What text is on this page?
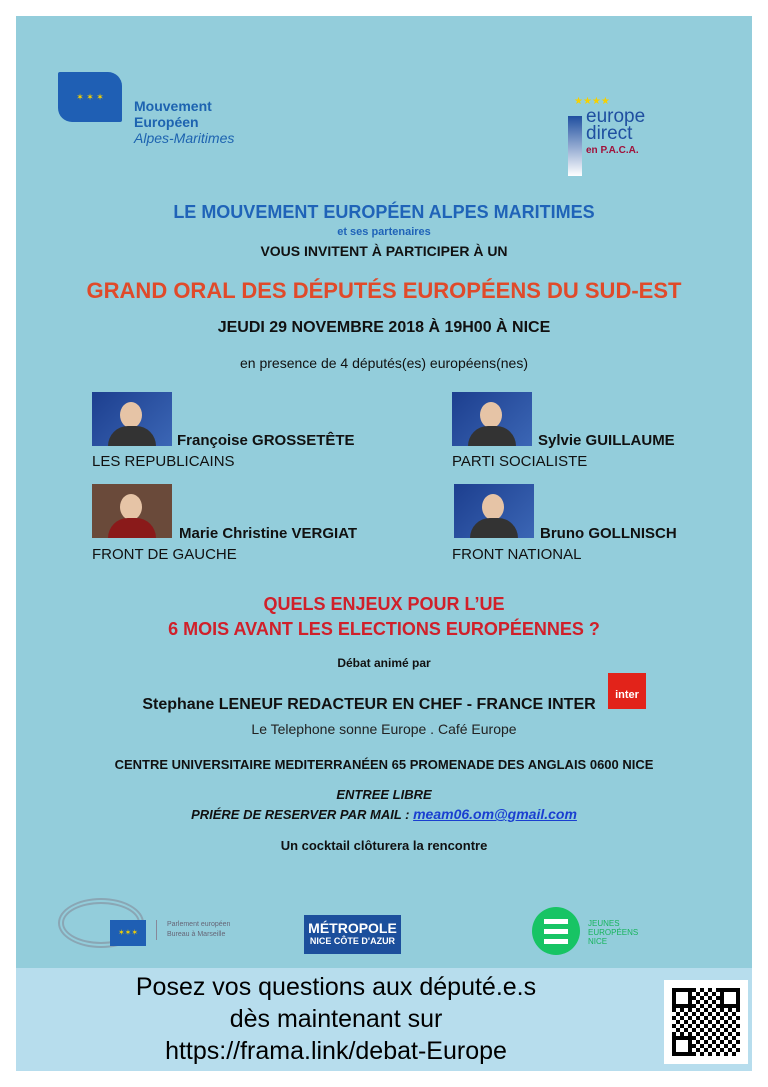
✶ ✶ ✶
Mouvement
Européen
Alpes-Maritimes
★★★★
europe
direct
en P.A.C.A.
LE MOUVEMENT EUROPÉEN ALPES MARITIMES
et ses partenaires
VOUS INVITENT À PARTICIPER À UN
GRAND ORAL DES DÉPUTÉS EUROPÉENS DU SUD-EST
JEUDI 29 NOVEMBRE 2018 À 19H00 À NICE
en presence de 4 députés(es) européens(nes)
Françoise GROSSETÊTE
LES REPUBLICAINS
Sylvie GUILLAUME
PARTI SOCIALISTE
Marie Christine VERGIAT
FRONT DE GAUCHE
Bruno GOLLNISCH
FRONT NATIONAL
QUELS ENJEUX POUR L’UE
6 MOIS AVANT LES ELECTIONS EUROPÉENNES ?
Débat animé par
Stephane LENEUF REDACTEUR EN CHEF - FRANCE INTER
inter
Le Telephone sonne Europe . Café Europe
CENTRE UNIVERSITAIRE MEDITERRANÉEN 65 PROMENADE DES ANGLAIS 0600 NICE
ENTREE LIBRE
PRIÉRE DE RESERVER PAR MAIL : meam06.om@gmail.com
Un cocktail clôturera la rencontre
✶✶✶
Parlement européen
Bureau à Marseille	MÉTROPOLE
NICE CÔTE D'AZUR
JEUNES
EUROPÉENS
NICE
Posez vos questions aux député.e.s
dès maintenant sur
https://frama.link/debat-Europe
